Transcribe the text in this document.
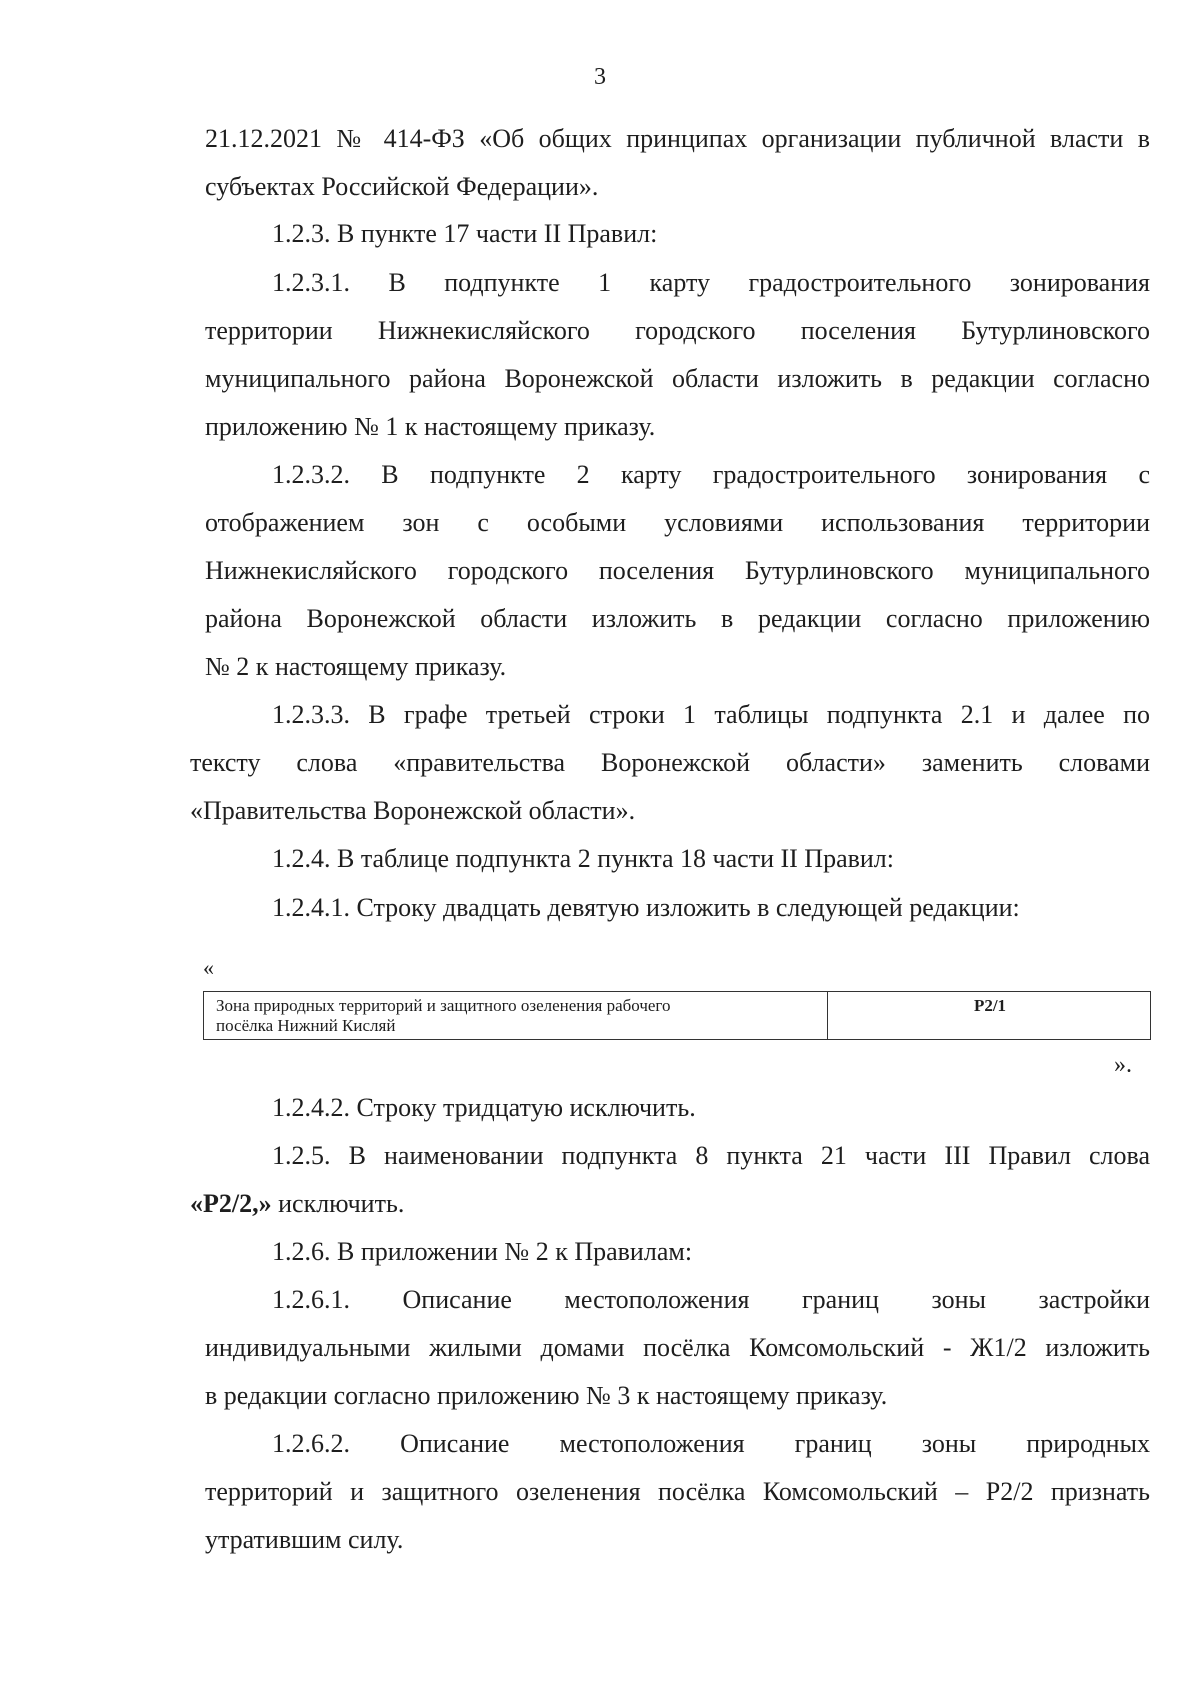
3
21.12.2021 № 414-ФЗ «Об общих принципах организации публичной власти в
субъектах Российской Федерации».
1.2.3. В пункте 17 части II Правил:
1.2.3.1. В подпункте 1 карту градостроительного зонирования
территории Нижнекисляйского городского поселения Бутурлиновского
муниципального района Воронежской области изложить в редакции согласно
приложению № 1 к настоящему приказу.
1.2.3.2. В подпункте 2 карту градостроительного зонирования с
отображением зон с особыми условиями использования территории
Нижнекисляйского городского поселения Бутурлиновского муниципального
района Воронежской области изложить в редакции согласно приложению
№ 2 к настоящему приказу.
1.2.3.3. В графе третьей строки 1 таблицы подпункта 2.1 и далее по
тексту слова «правительства Воронежской области» заменить словами
«Правительства Воронежской области».
1.2.4. В таблице подпункта 2 пункта 18 части II Правил:
1.2.4.1. Строку двадцать девятую изложить в следующей редакции:
«
Зона природных территорий и защитного озеленения рабочего
посёлка Нижний Кисляй	Р2/1
».
1.2.4.2. Строку тридцатую исключить.
1.2.5. В наименовании подпункта 8 пункта 21 части III Правил слова
«Р2/2,» исключить.
1.2.6. В приложении № 2 к Правилам:
1.2.6.1. Описание местоположения границ зоны застройки
индивидуальными жилыми домами посёлка Комсомольский - Ж1/2 изложить
в редакции согласно приложению № 3 к настоящему приказу.
1.2.6.2. Описание местоположения границ зоны природных
территорий и защитного озеленения посёлка Комсомольский – Р2/2 признать
утратившим силу.
